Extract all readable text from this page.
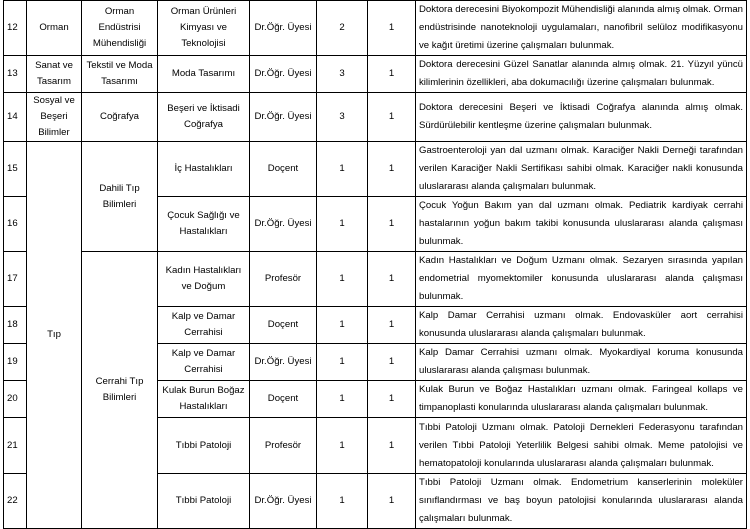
12	Orman	Orman Endüstrisi Mühendisliği	Orman Ürünleri Kimyası ve Teknolojisi	Dr.Öğr. Üyesi	2	1	Doktora derecesini Biyokompozit Mühendisliği alanında almış olmak. Orman endüstrisinde nanoteknoloji uygulamaları, nanofibril selüloz modifikasyonu ve kağıt üretimi üzerine çalışmaları bulunmak.
13	Sanat ve Tasarım	Tekstil ve Moda Tasarımı	Moda Tasarımı	Dr.Öğr. Üyesi	3	1	Doktora derecesini Güzel Sanatlar alanında almış olmak. 21. Yüzyıl yüncü kilimlerinin özellikleri, aba dokumacılığı üzerine çalışmaları bulunmak.
14	Sosyal ve Beşeri Bilimler	Coğrafya	Beşeri ve İktisadi Coğrafya	Dr.Öğr. Üyesi	3	1	Doktora derecesini Beşeri ve İktisadi Coğrafya alanında almış olmak. Sürdürülebilir kentleşme üzerine çalışmaları bulunmak.
15	Tıp	Dahili Tıp Bilimleri	İç Hastalıkları	Doçent	1	1	Gastroenteroloji yan dal uzmanı olmak. Karaciğer Nakli Derneği tarafından verilen Karaciğer Nakli Sertifikası sahibi olmak. Karaciğer nakli konusunda uluslararası alanda çalışmaları bulunmak.
16			Çocuk Sağlığı ve Hastalıkları	Dr.Öğr. Üyesi	1	1	Çocuk Yoğun Bakım yan dal uzmanı olmak. Pediatrik kardiyak cerrahi hastalarının yoğun bakım takibi konusunda uluslararası alanda çalışması bulunmak.
17		Cerrahi Tıp Bilimleri	Kadın Hastalıkları ve Doğum	Profesör	1	1	Kadın Hastalıkları ve Doğum Uzmanı olmak. Sezaryen sırasında yapılan endometrial myomektomiler konusunda uluslararası alanda çalışması bulunmak.
18			Kalp ve Damar Cerrahisi	Doçent	1	1	Kalp Damar Cerrahisi uzmanı olmak. Endovasküler aort cerrahisi konusunda uluslararası alanda çalışmaları bulunmak.
19			Kalp ve Damar Cerrahisi	Dr.Öğr. Üyesi	1	1	Kalp Damar Cerrahisi uzmanı olmak. Myokardiyal koruma konusunda uluslararası alanda çalışması bulunmak.
20			Kulak Burun Boğaz Hastalıkları	Doçent	1	1	Kulak Burun ve Boğaz Hastalıkları uzmanı olmak. Faringeal kollaps ve timpanoplasti konularında uluslararası alanda çalışmaları bulunmak.
21			Tıbbi Patoloji	Profesör	1	1	Tıbbi Patoloji Uzmanı olmak. Patoloji Dernekleri Federasyonu tarafından verilen Tıbbi Patoloji Yeterlilik Belgesi sahibi olmak. Meme patolojisi ve hematopatoloji konularında uluslararası alanda çalışmaları bulunmak.
22			Tıbbi Patoloji	Dr.Öğr. Üyesi	1	1	Tıbbi Patoloji Uzmanı olmak. Endometrium kanserlerinin moleküler sınıflandırması ve baş boyun patolojisi konularında uluslararası alanda çalışmaları bulunmak.
